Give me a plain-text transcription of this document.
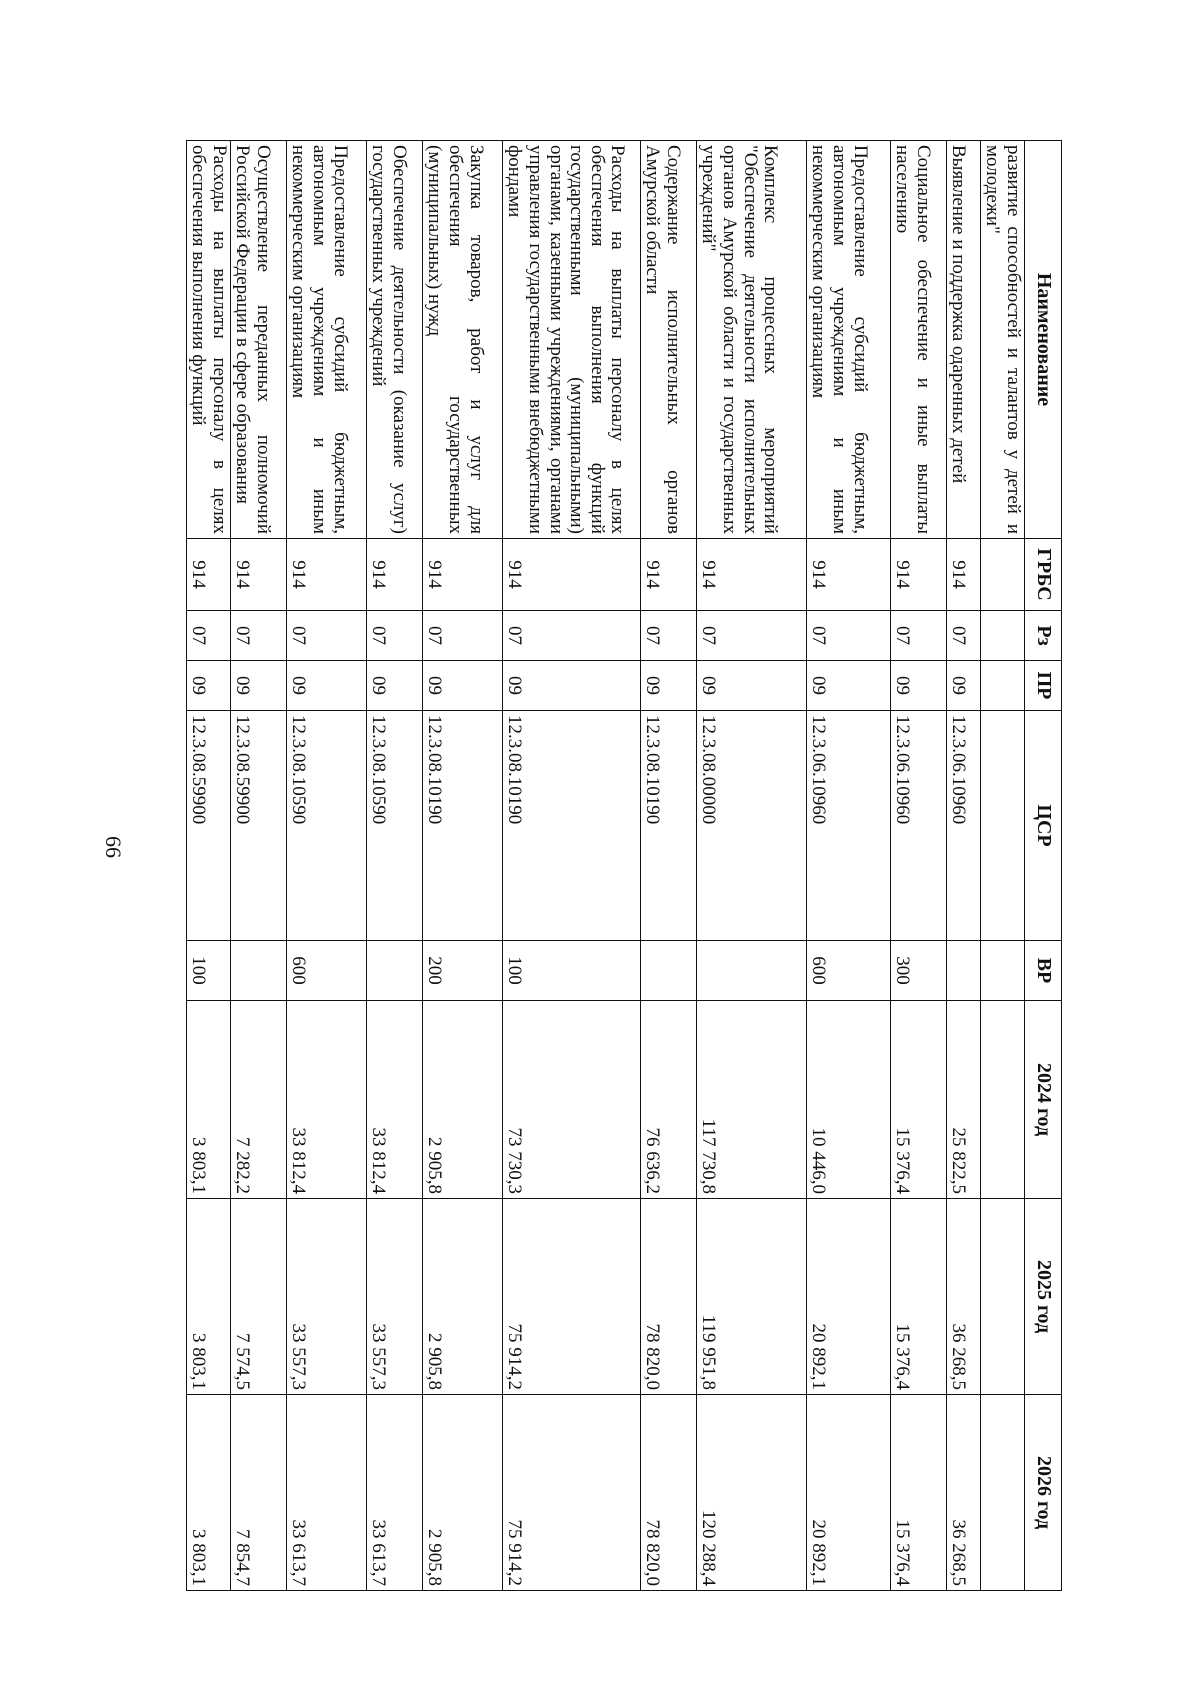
66
Наименование	ГРБС	Рз	ПР	ЦСР	ВР	2024 год	2025 год	2026 год
развитие способностей и талантов у детей и молодежи"								
Выявление и поддержка одаренных детей	914	07	09	12.3.06.10960		25 822,5	36 268,5	36 268,5
Социальное обеспечение и иные выплаты населению	914	07	09	12.3.06.10960	300	15 376,4	15 376,4	15 376,4
Предоставление субсидий бюджетным, автономным учреждениям и иным некоммерческим организациям	914	07	09	12.3.06.10960	600	10 446,0	20 892,1	20 892,1
Комплекс процессных мероприятий "Обеспечение деятельности исполнительных органов Амурской области и государственных учреждений"	914	07	09	12.3.08.00000		117 730,8	119 951,8	120 288,4
Содержание исполнительных органов Амурской области	914	07	09	12.3.08.10190		76 636,2	78 820,0	78 820,0
Расходы на выплаты персоналу в целях обеспечения выполнения функций государственными (муниципальными) органами, казенными учреждениями, органами управления государственными внебюджетными фондами	914	07	09	12.3.08.10190	100	73 730,3	75 914,2	75 914,2
Закупка товаров, работ и услуг для обеспечения государственных (муниципальных) нужд	914	07	09	12.3.08.10190	200	2 905,8	2 905,8	2 905,8
Обеспечение деятельности (оказание услуг) государственных учреждений	914	07	09	12.3.08.10590		33 812,4	33 557,3	33 613,7
Предоставление субсидий бюджетным, автономным учреждениям и иным некоммерческим организациям	914	07	09	12.3.08.10590	600	33 812,4	33 557,3	33 613,7
Осуществление переданных полномочий Российской Федерации в сфере образования	914	07	09	12.3.08.59900		7 282,2	7 574,5	7 854,7
Расходы на выплаты персоналу в целях обеспечения выполнения функций	914	07	09	12.3.08.59900	100	3 803,1	3 803,1	3 803,1
